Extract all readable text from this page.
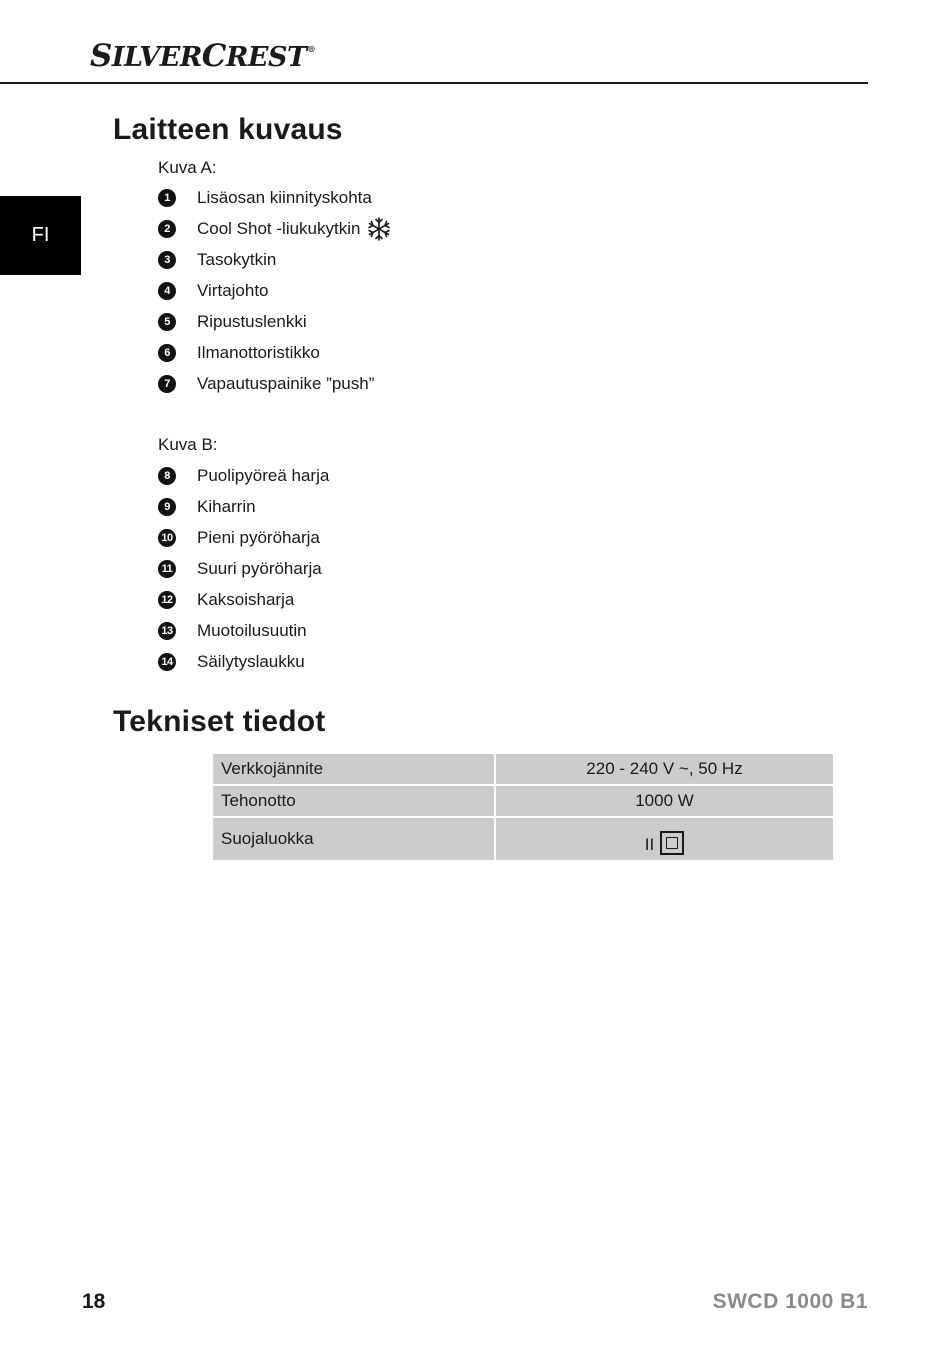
SILVERCREST®
FI
Laitteen kuvaus
Kuva A:
1	Lisäosan kiinnityskohta
2	Cool Shot -liukukytkin
3	Tasokytkin
4	Virtajohto
5	Ripustuslenkki
6	Ilmanottoristikko
7	Vapautuspainike ”push”
Kuva B:
8	Puolipyöreä harja
9	Kiharrin
10 Pieni pyöröharja
11 Suuri pyöröharja
12 Kaksoisharja
13 Muotoilusuutin
14 Säilytyslaukku
Tekniset tiedot
Verkkojännite	220 - 240 V ~, 50 Hz
Tehonotto	1000 W
Suojaluokka	II
18	SWCD 1000 B1
